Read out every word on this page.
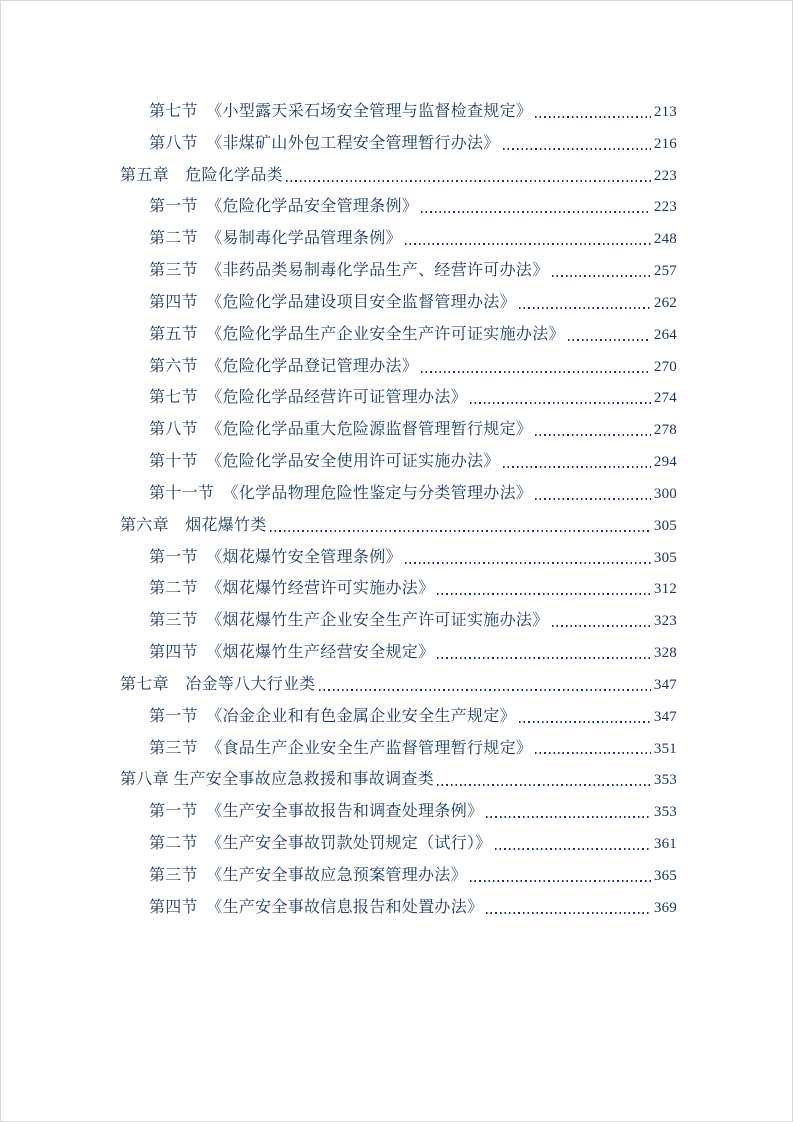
第七节　《小型露天采石场安全管理与监督检查规定》	213
第八节　《非煤矿山外包工程安全管理暂行办法》	216
第五章　危险化学品类	223
第一节　《危险化学品安全管理条例》	223
第二节　《易制毒化学品管理条例》	248
第三节　《非药品类易制毒化学品生产、经营许可办法》	257
第四节　《危险化学品建设项目安全监督管理办法》	262
第五节　《危险化学品生产企业安全生产许可证实施办法》	264
第六节　《危险化学品登记管理办法》	270
第七节　《危险化学品经营许可证管理办法》	274
第八节　《危险化学品重大危险源监督管理暂行规定》	278
第十节　《危险化学品安全使用许可证实施办法》	294
第十一节　《化学品物理危险性鉴定与分类管理办法》	300
第六章　烟花爆竹类	305
第一节　《烟花爆竹安全管理条例》	305
第二节　《烟花爆竹经营许可实施办法》	312
第三节　《烟花爆竹生产企业安全生产许可证实施办法》	323
第四节　《烟花爆竹生产经营安全规定》	328
第七章　冶金等八大行业类	347
第一节　《冶金企业和有色金属企业安全生产规定》	347
第三节　《食品生产企业安全生产监督管理暂行规定》	351
第八章 生产安全事故应急救援和事故调查类	353
第一节　《生产安全事故报告和调查处理条例》	353
第二节　《生产安全事故罚款处罚规定（试行）》	361
第三节　《生产安全事故应急预案管理办法》	365
第四节　《生产安全事故信息报告和处置办法》	369
